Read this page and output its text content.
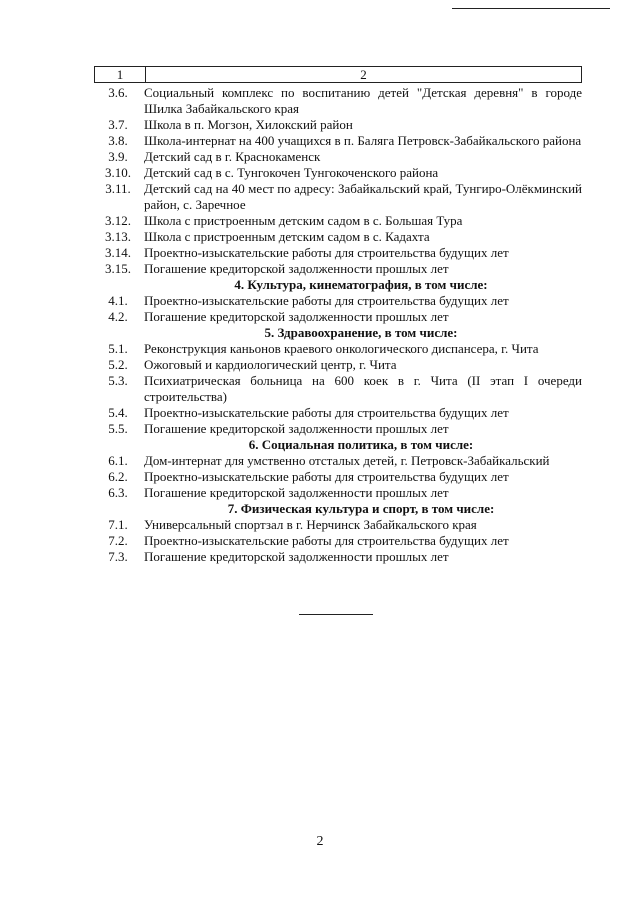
1	2
3.6.	Социальный комплекс по воспитанию детей "Детская деревня" в городе Шилка Забайкальского края
3.7.	Школа в п. Могзон, Хилокский район
3.8.	Школа-интернат на 400 учащихся в п. Баляга Петровск-Забайкальского района
3.9.	Детский сад в г. Краснокаменск
3.10.	Детский сад в с. Тунгокочен Тунгокоченского района
3.11.	Детский сад на 40 мест по адресу: Забайкальский край, Тунгиро-Олёкминский район, с. Заречное
3.12.	Школа с пристроенным детским садом в с. Большая Тура
3.13.	Школа с пристроенным детским садом в с. Кадахта
3.14.	Проектно-изыскательские работы для строительства будущих лет
3.15.	Погашение кредиторской задолженности прошлых лет
4. Культура, кинематография, в том числе:
4.1.	Проектно-изыскательские работы для строительства будущих лет
4.2.	Погашение кредиторской задолженности прошлых лет
5. Здравоохранение, в том числе:
5.1.	Реконструкция каньонов краевого онкологического диспансера, г. Чита
5.2.	Ожоговый и кардиологический центр, г. Чита
5.3.	Психиатрическая больница на 600 коек в г. Чита (II этап I очереди строительства)
5.4.	Проектно-изыскательские работы для строительства будущих лет
5.5.	Погашение кредиторской задолженности прошлых лет
6. Социальная политика, в том числе:
6.1.	Дом-интернат для умственно отсталых детей, г. Петровск-Забайкальский
6.2.	Проектно-изыскательские работы для строительства будущих лет
6.3.	Погашение кредиторской задолженности прошлых лет
7. Физическая культура и спорт, в том числе:
7.1.	Универсальный спортзал в г. Нерчинск Забайкальского края
7.2.	Проектно-изыскательские работы для строительства будущих лет
7.3.	Погашение кредиторской задолженности прошлых лет
2
